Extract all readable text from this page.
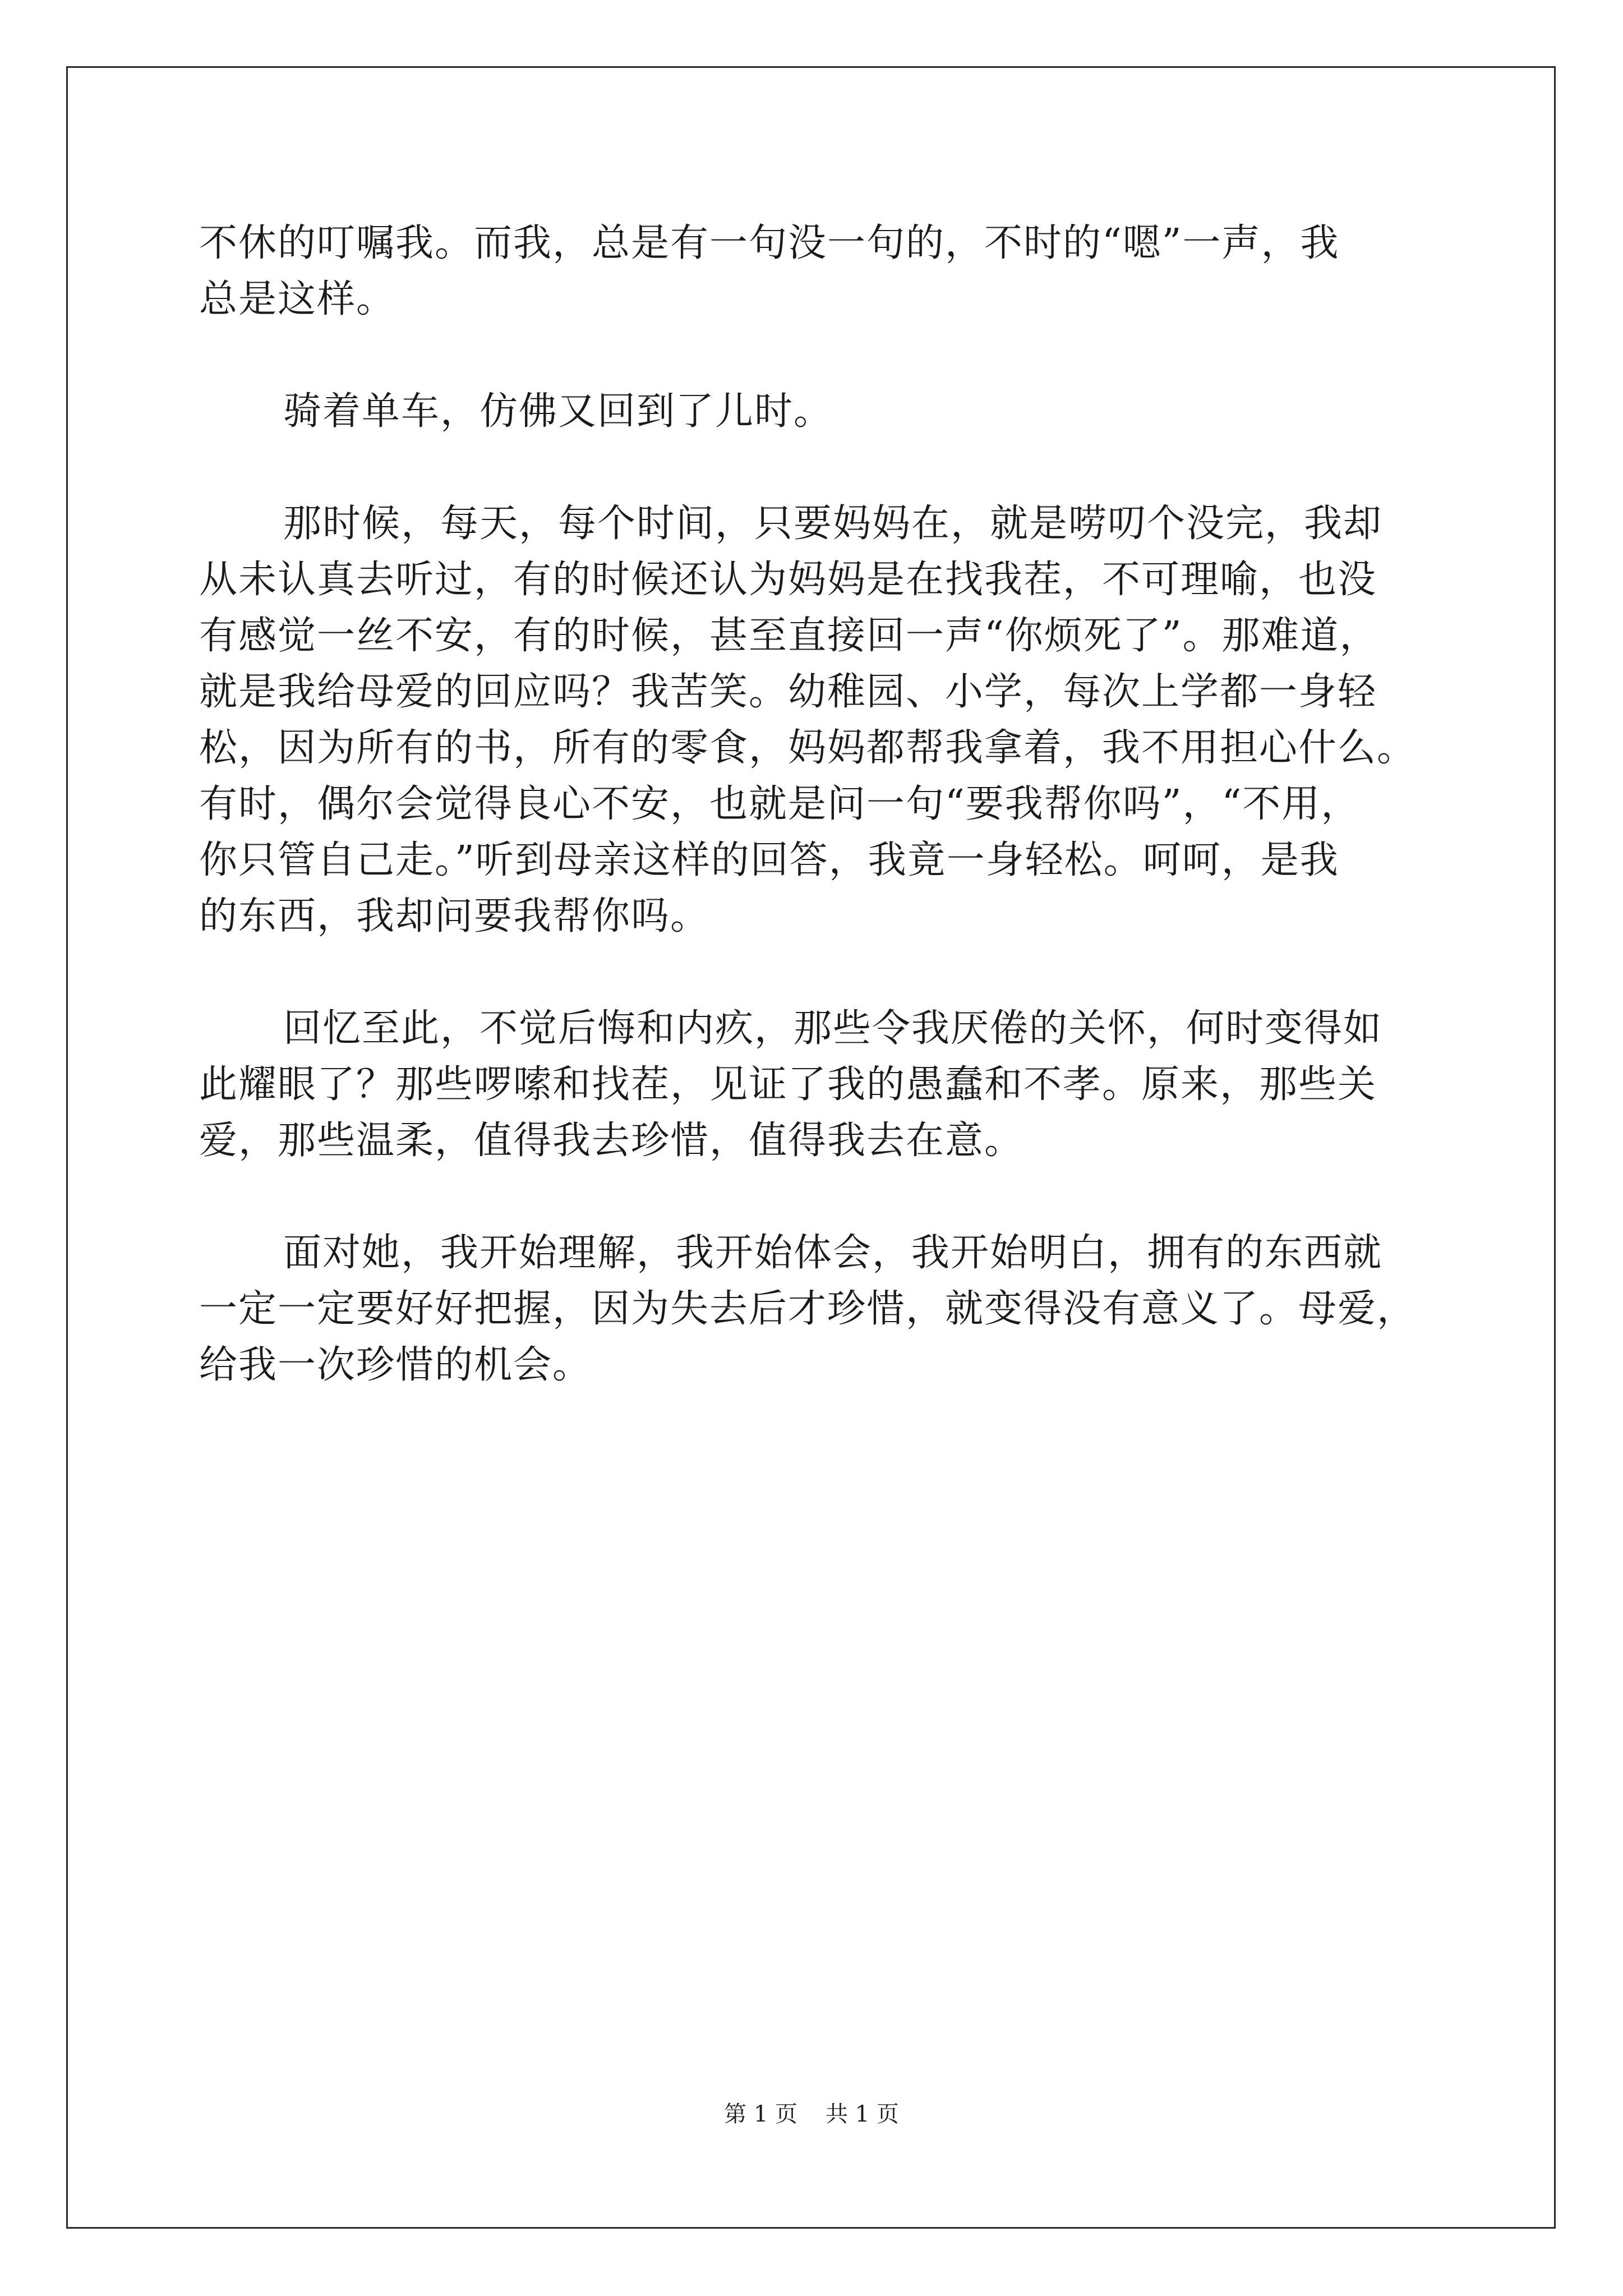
不休的叮嘱我。而我，总是有一句没一句的，不时的“嗯”一声，我
总是这样。
骑着单车，仿佛又回到了儿时。
那时候，每天，每个时间，只要妈妈在，就是唠叨个没完，我却
从未认真去听过，有的时候还认为妈妈是在找我茬，不可理喻，也没
有感觉一丝不安，有的时候，甚至直接回一声“你烦死了”。那难道，
就是我给母爱的回应吗？我苦笑。幼稚园、小学，每次上学都一身轻
松，因为所有的书，所有的零食，妈妈都帮我拿着，我不用担心什么。
有时，偶尔会觉得良心不安，也就是问一句“要我帮你吗”，“不用，
你只管自己走。”听到母亲这样的回答，我竟一身轻松。呵呵，是我
的东西，我却问要我帮你吗。
回忆至此，不觉后悔和内疚，那些令我厌倦的关怀，何时变得如
此耀眼了？那些啰嗦和找茬，见证了我的愚蠢和不孝。原来，那些关
爱，那些温柔，值得我去珍惜，值得我去在意。
面对她，我开始理解，我开始体会，我开始明白，拥有的东西就
一定一定要好好把握，因为失去后才珍惜，就变得没有意义了。母爱，
给我一次珍惜的机会。
第 1 页 共 1 页
